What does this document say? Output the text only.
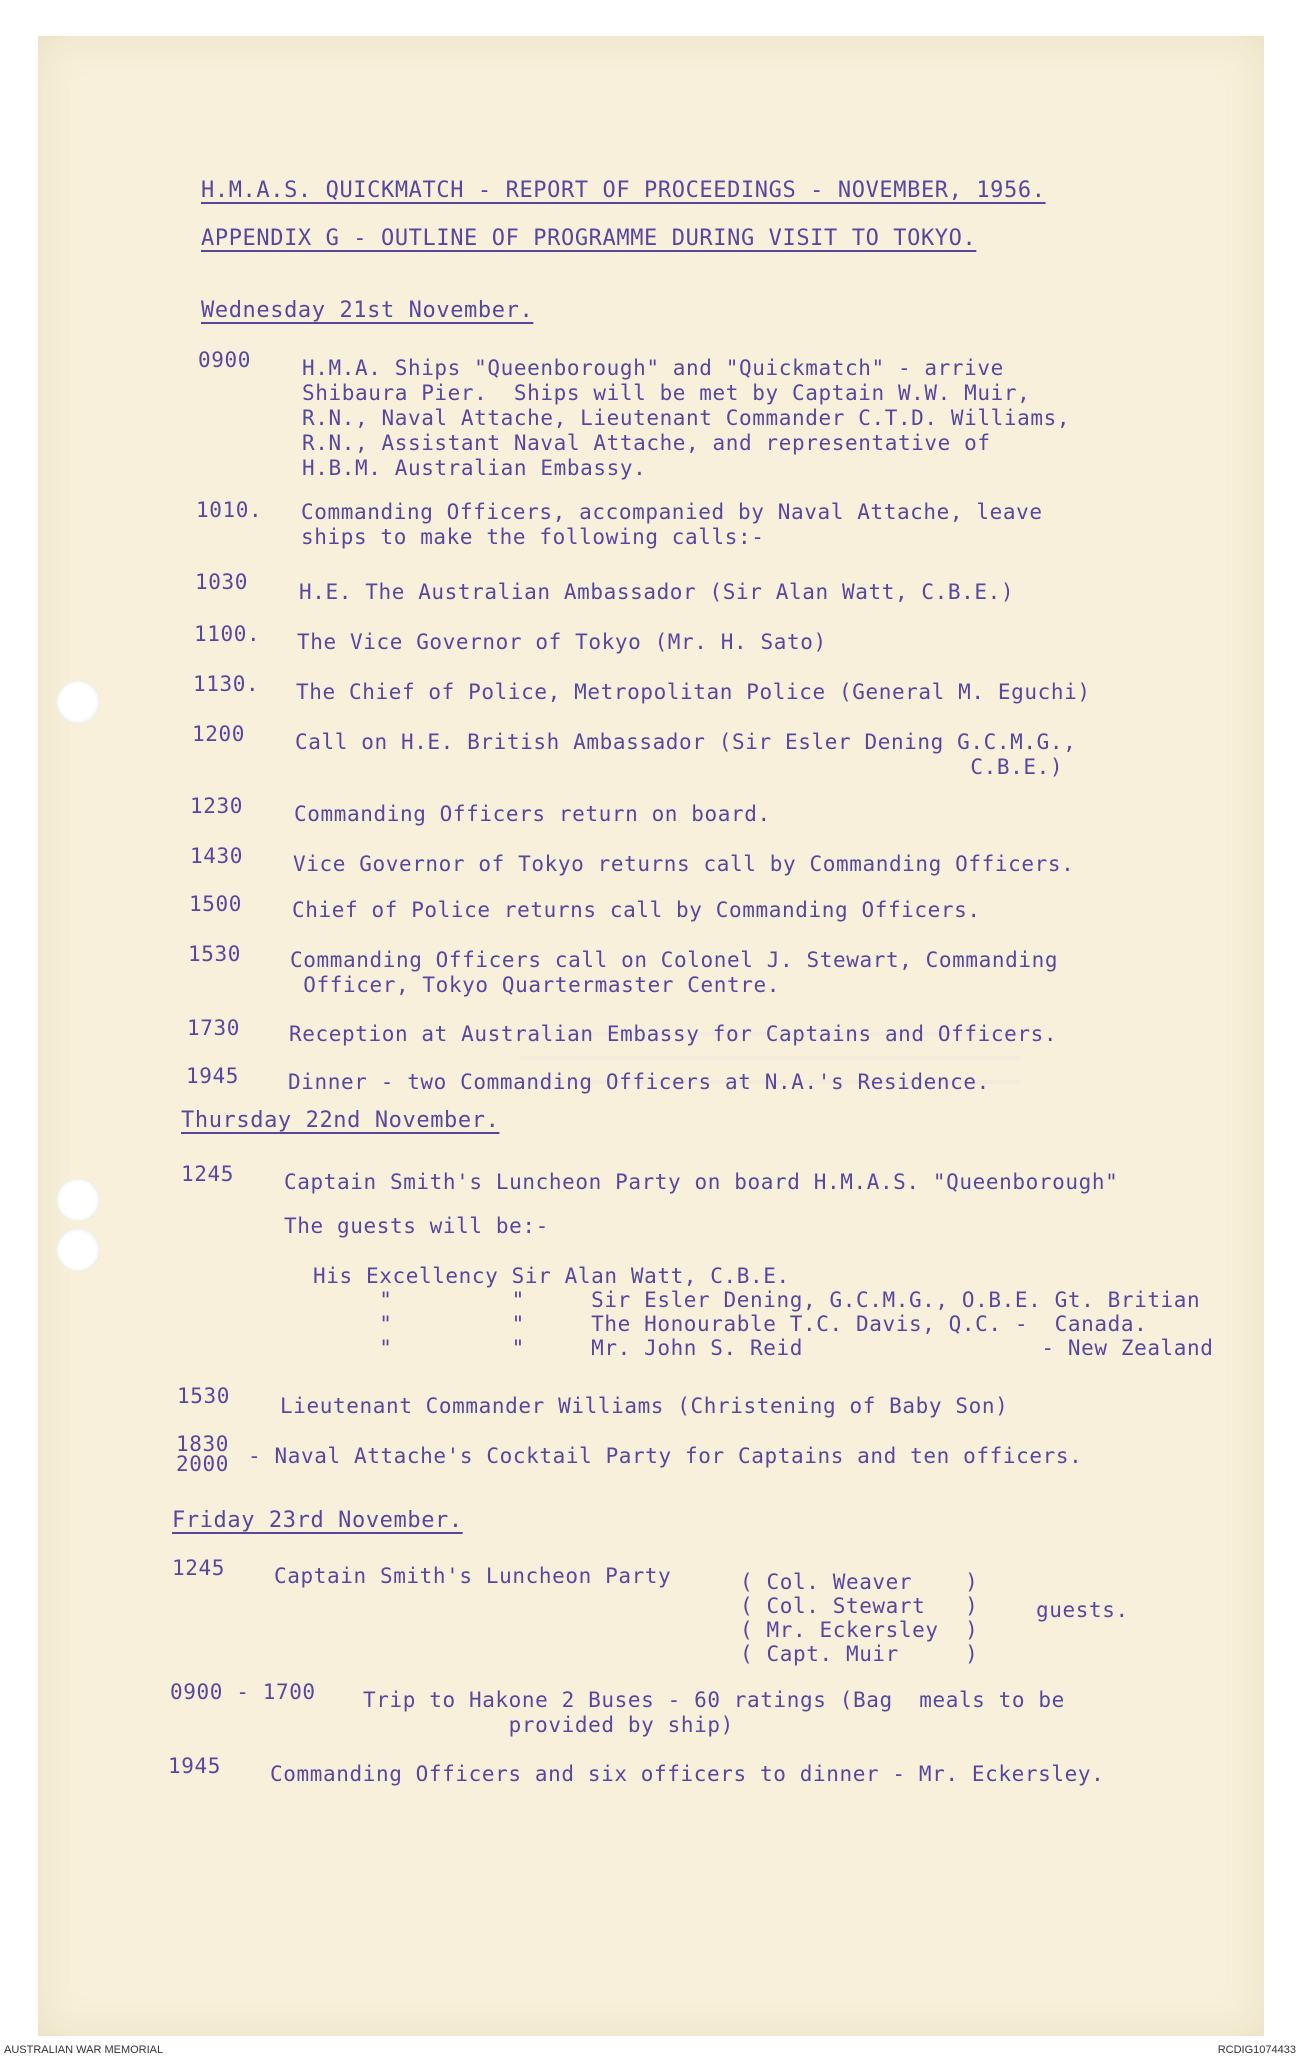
H.M.A.S. QUICKMATCH - REPORT OF PROCEEDINGS - NOVEMBER, 1956.

APPENDIX G - OUTLINE OF PROGRAMME DURING VISIT TO TOKYO.

Wednesday 21st November.

0900 H.M.A. Ships "Queenborough" and "Quickmatch" - arrive
Shibaura Pier.  Ships will be met by Captain W.W. Muir,
R.N., Naval Attache, Lieutenant Commander C.T.D. Williams,
R.N., Assistant Naval Attache, and representative of
H.B.M. Australian Embassy.

1010. Commanding Officers, accompanied by Naval Attache, leave
ships to make the following calls:-

1030 H.E. The Australian Ambassador (Sir Alan Watt, C.B.E.)

1100. The Vice Governor of Tokyo (Mr. H. Sato)

1130. The Chief of Police, Metropolitan Police (General M. Eguchi)

1200 Call on H.E. British Ambassador (Sir Esler Dening G.C.M.G.,
C.B.E.)

1230 Commanding Officers return on board.

1430 Vice Governor of Tokyo returns call by Commanding Officers.

1500 Chief of Police returns call by Commanding Officers.

1530 Commanding Officers call on Colonel J. Stewart, Commanding
Officer, Tokyo Quartermaster Centre.

1730 Reception at Australian Embassy for Captains and Officers.

1945 Dinner - two Commanding Officers at N.A.'s Residence.

Thursday 22nd November.

1245 Captain Smith's Luncheon Party on board H.M.A.S. "Queenborough"

The guests will be:-

His Excellency Sir Alan Watt, C.B.E.
"         "     Sir Esler Dening, G.C.M.G., O.B.E. Gt. Britian
"         "     The Honourable T.C. Davis, Q.C. -  Canada.
"         "     Mr. John S. Reid                  - New Zealand

1530 Lieutenant Commander Williams (Christening of Baby Son)

1830
2000 - Naval Attache's Cocktail Party for Captains and ten officers.

Friday 23rd November.

1245 Captain Smith's Luncheon Party	( Col. Weaver    )
( Col. Stewart   )
( Mr. Eckersley  )
( Capt. Muir     )

guests.

0900 - 1700 Trip to Hakone 2 Buses - 60 ratings (Bag  meals to be
provided by ship)

1945 Commanding Officers and six officers to dinner - Mr. Eckersley.

AUSTRALIAN WAR MEMORIAL	RCDIG1074433
